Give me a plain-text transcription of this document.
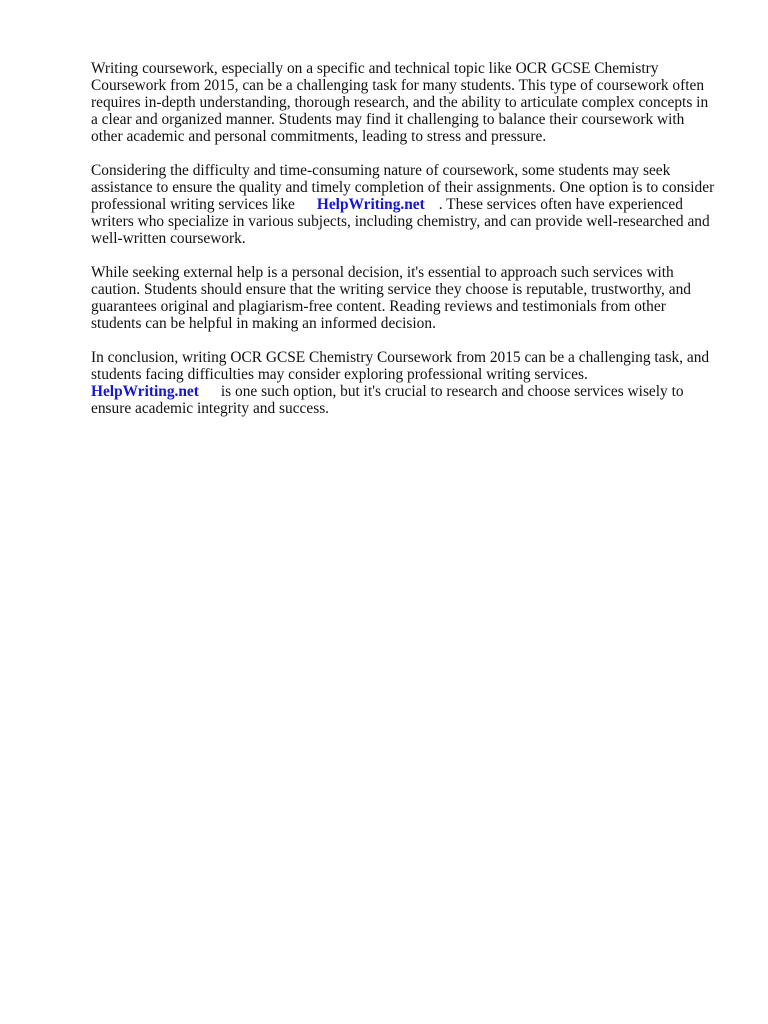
Writing coursework, especially on a specific and technical topic like OCR GCSE Chemistry
Coursework from 2015, can be a challenging task for many students. This type of coursework often
requires in-depth understanding, thorough research, and the ability to articulate complex concepts in
a clear and organized manner. Students may find it challenging to balance their coursework with
other academic and personal commitments, leading to stress and pressure.

Considering the difficulty and time-consuming nature of coursework, some students may seek
assistance to ensure the quality and timely completion of their assignments. One option is to consider
professional writing services like HelpWriting.net . These services often have experienced
writers who specialize in various subjects, including chemistry, and can provide well-researched and
well-written coursework.

While seeking external help is a personal decision, it's essential to approach such services with
caution. Students should ensure that the writing service they choose is reputable, trustworthy, and
guarantees original and plagiarism-free content. Reading reviews and testimonials from other
students can be helpful in making an informed decision.

In conclusion, writing OCR GCSE Chemistry Coursework from 2015 can be a challenging task, and
students facing difficulties may consider exploring professional writing services.
HelpWriting.net is one such option, but it's crucial to research and choose services wisely to
ensure academic integrity and success.
